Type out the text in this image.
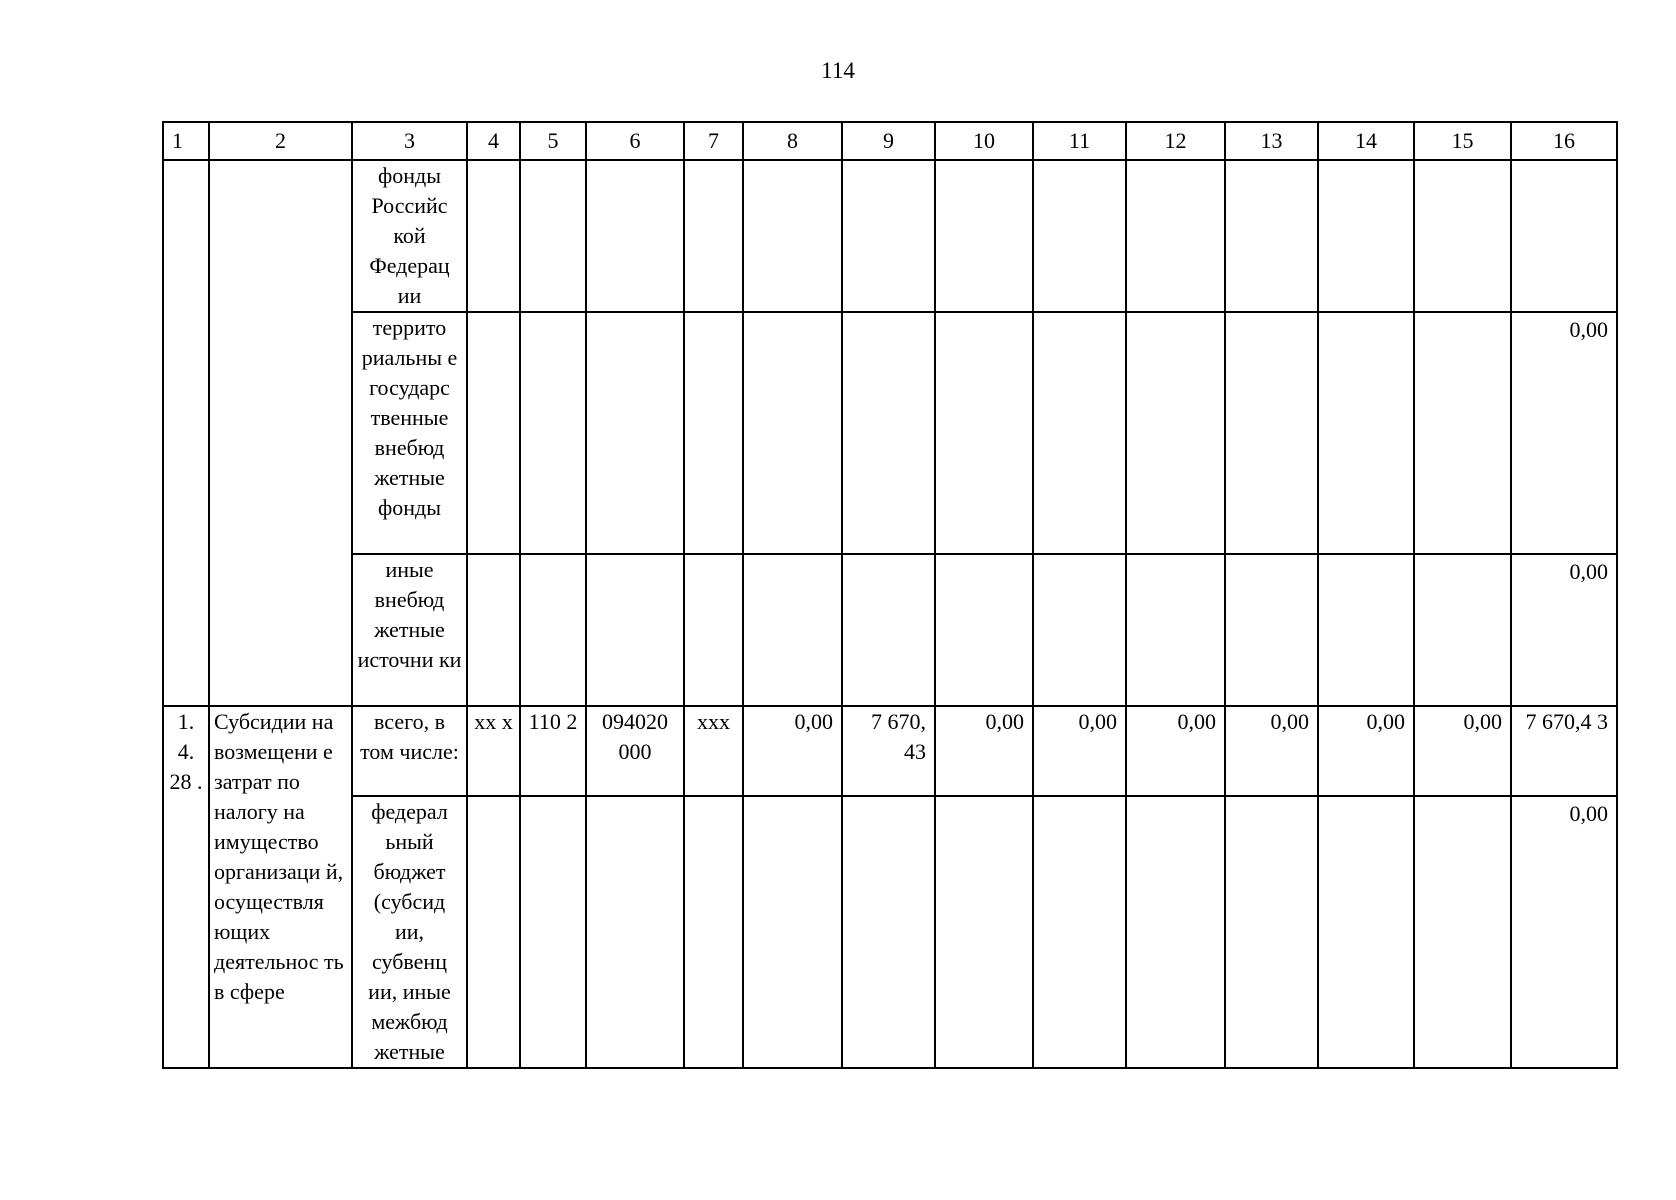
114
1	2	3	4	5	6	7	8	9	10	11	12	13	14	15	16
		фонды Российс кой Федерац ии													
		террито риальны е государс твенные внебюд жетные фонды													0,00
		иные внебюд жетные источни ки													0,00
1. 4. 28 .	Субсидии на возмещени е затрат по налогу на имущество организаци й, осуществля ющих деятельнос ть в сфере	всего, в том числе:	хх х	110 2	094020 000	ххх	0,00	7 670, 43	0,00	0,00	0,00	0,00	0,00	0,00	7 670,4 3
		федерал ьный бюджет (субсид ии, субвенц ии, иные межбюд жетные													0,00
